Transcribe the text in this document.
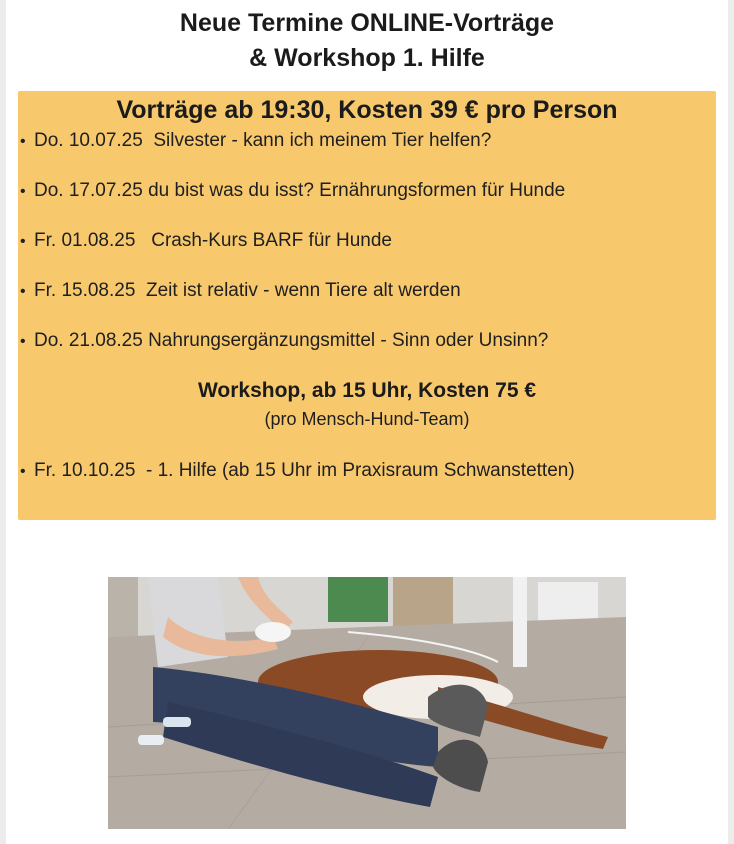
Neue Termine ONLINE-Vorträge
& Workshop 1. Hilfe
Vorträge ab 19:30, Kosten 39 € pro Person
• Do. 10.07.25  Silvester - kann ich meinem Tier helfen?
• Do. 17.07.25 du bist was du isst? Ernährungsformen für Hunde
• Fr. 01.08.25   Crash-Kurs BARF für Hunde
• Fr. 15.08.25  Zeit ist relativ - wenn Tiere alt werden
• Do. 21.08.25 Nahrungsergänzungsmittel - Sinn oder Unsinn?
Workshop, ab 15 Uhr, Kosten 75 €
(pro Mensch-Hund-Team)
• Fr. 10.10.25  - 1. Hilfe (ab 15 Uhr im Praxisraum Schwanstetten)
